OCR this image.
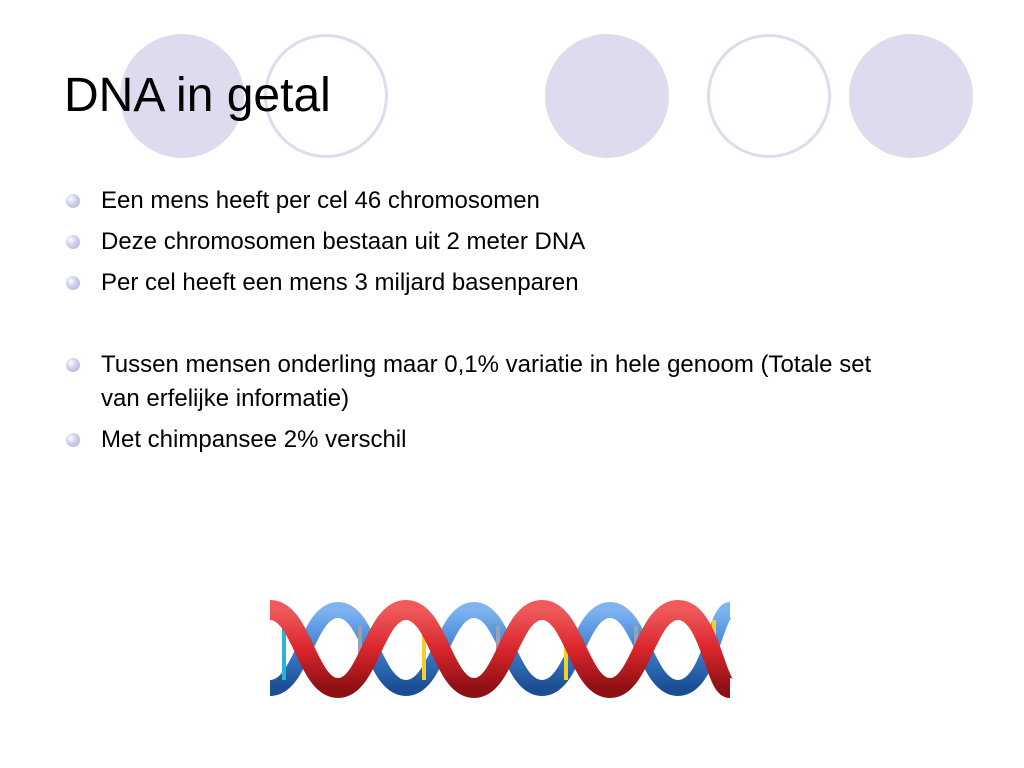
DNA in getal
Een mens heeft per cel 46 chromosomen
Deze chromosomen bestaan uit 2 meter DNA
Per cel heeft een mens 3 miljard basenparen
Tussen mensen onderling maar 0,1% variatie in hele genoom (Totale set van erfelijke informatie)
Met chimpansee 2% verschil
